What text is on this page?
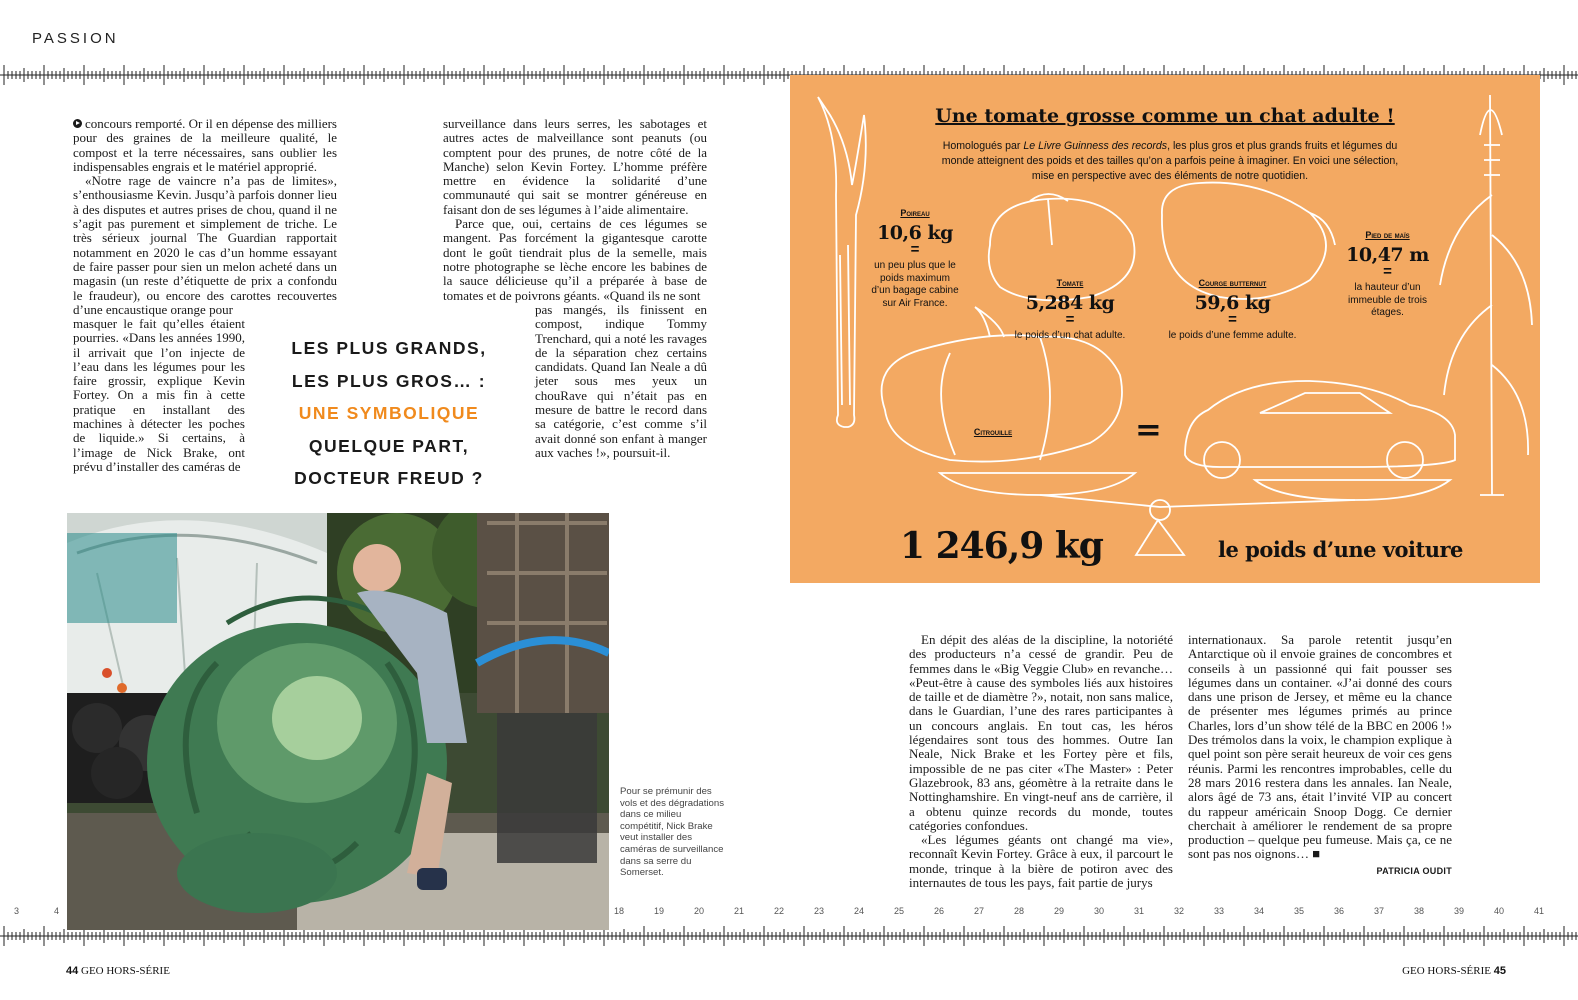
PASSION
3	4	18	19	20	21	22	23	24	25	26	27	28	29	30	31	32	33	34	35	36	37	38	39	40	41

concours remporté. Or il en dépense des milliers pour des graines de la meilleure qualité, le compost et la terre nécessaires, sans oublier les indispensables engrais et le matériel approprié.

«Notre rage de vaincre n’a pas de limites», s’enthousiasme Kevin. Jusqu’à parfois donner lieu à des disputes et autres prises de chou, quand il ne s’agit pas purement et simplement de triche. Le très sérieux journal The Guardian rapportait notamment en 2020 le cas d’un homme essayant de faire passer pour sien un melon acheté dans un magasin (un reste d’étiquette de prix a confondu le fraudeur), ou encore des carottes recouvertes d’une encaustique orange pour

masquer le fait qu’elles étaient pourries. «Dans les années 1990, il arrivait que l’on injecte de l’eau dans les légumes pour les faire grossir, explique Kevin Fortey. On a mis fin à cette pratique en installant des machines à détecter les poches de liquide.» Si certains, à l’image de Nick Brake, ont prévu d’installer des caméras de

surveillance dans leurs serres, les sabotages et autres actes de malveillance sont peanuts (ou comptent pour des prunes, de notre côté de la Manche) selon Kevin Fortey. L’homme préfère mettre en évidence la solidarité d’une communauté qui sait se montrer généreuse en faisant don de ses légumes à l’aide alimentaire.

Parce que, oui, certains de ces légumes se mangent. Pas forcément la gigantesque carotte dont le goût tiendrait plus de la semelle, mais notre photographe se lèche encore les babines de la sauce délicieuse qu’il a préparée à base de tomates et de poivrons géants. «Quand ils ne sont

pas mangés, ils finissent en compost, indique Tommy Trenchard, qui a noté les ravages de la séparation chez certains candidats. Quand Ian Neale a dû jeter sous mes yeux un chouRave qui n’était pas en mesure de battre le record dans sa catégorie, c’est comme s’il avait donné son enfant à manger aux vaches !», poursuit-il.

LES PLUS GRANDS,
LES PLUS GROS… :
UNE SYMBOLIQUE
QUELQUE PART,
DOCTEUR FREUD ?
Pour se prémunir des vols et des dégradations dans ce milieu compétitif, Nick Brake veut installer des caméras de surveillance dans sa serre du Somerset.
Une tomate grosse comme un chat adulte !
Homologués par Le Livre Guinness des records, les plus gros et plus grands fruits et légumes du monde atteignent des poids et des tailles qu’on a parfois peine à imaginer. En voici une sélection, mise en perspective avec des éléments de notre quotidien.
Poireau
10,6 kg
=
un peu plus que le poids maximum d’un bagage cabine sur Air France.
Tomate
5,284 kg
=
le poids d’un chat adulte.
Courge butternut
59,6 kg
=
le poids d’une femme adulte.
Pied de maïs
10,47 m
=
la hauteur d’un immeuble de trois étages.
Citrouille	=
1 246,9 kg	le poids d’une voiture

En dépit des aléas de la discipline, la notoriété des producteurs n’a cessé de grandir. Peu de femmes dans le «Big Veggie Club» en revanche… «Peut-être à cause des symboles liés aux histoires de taille et de diamètre ?», notait, non sans malice, dans le Guardian, l’une des rares participantes à un concours anglais. En tout cas, les héros légendaires sont tous des hommes. Outre Ian Neale, Nick Brake et les Fortey père et fils, impossible de ne pas citer «The Master» : Peter Glazebrook, 83 ans, géomètre à la retraite dans le Nottinghamshire. En vingt-neuf ans de carrière, il a obtenu quinze records du monde, toutes catégories confondues.

«Les légumes géants ont changé ma vie», reconnaît Kevin Fortey. Grâce à eux, il parcourt le monde, trinque à la bière de potiron avec des internautes de tous les pays, fait partie de jurys

internationaux. Sa parole retentit jusqu’en Antarctique où il envoie graines de concombres et conseils à un passionné qui fait pousser ses légumes dans un container. «J’ai donné des cours dans une prison de Jersey, et même eu la chance de présenter mes légumes primés au prince Charles, lors d’un show télé de la BBC en 2006 !» Des trémolos dans la voix, le champion explique à quel point son père serait heureux de voir ces gens réunis. Parmi les rencontres improbables, celle du 28 mars 2016 restera dans les annales. Ian Neale, alors âgé de 73 ans, était l’invité VIP au concert du rappeur américain Snoop Dogg. Ce dernier cherchait à améliorer le rendement de sa propre production – quelque peu fumeuse. Mais ça, ce ne sont pas nos oignons… ■

PATRICIA OUDIT
44 GEO HORS-SÉRIE	GEO HORS-SÉRIE 45
